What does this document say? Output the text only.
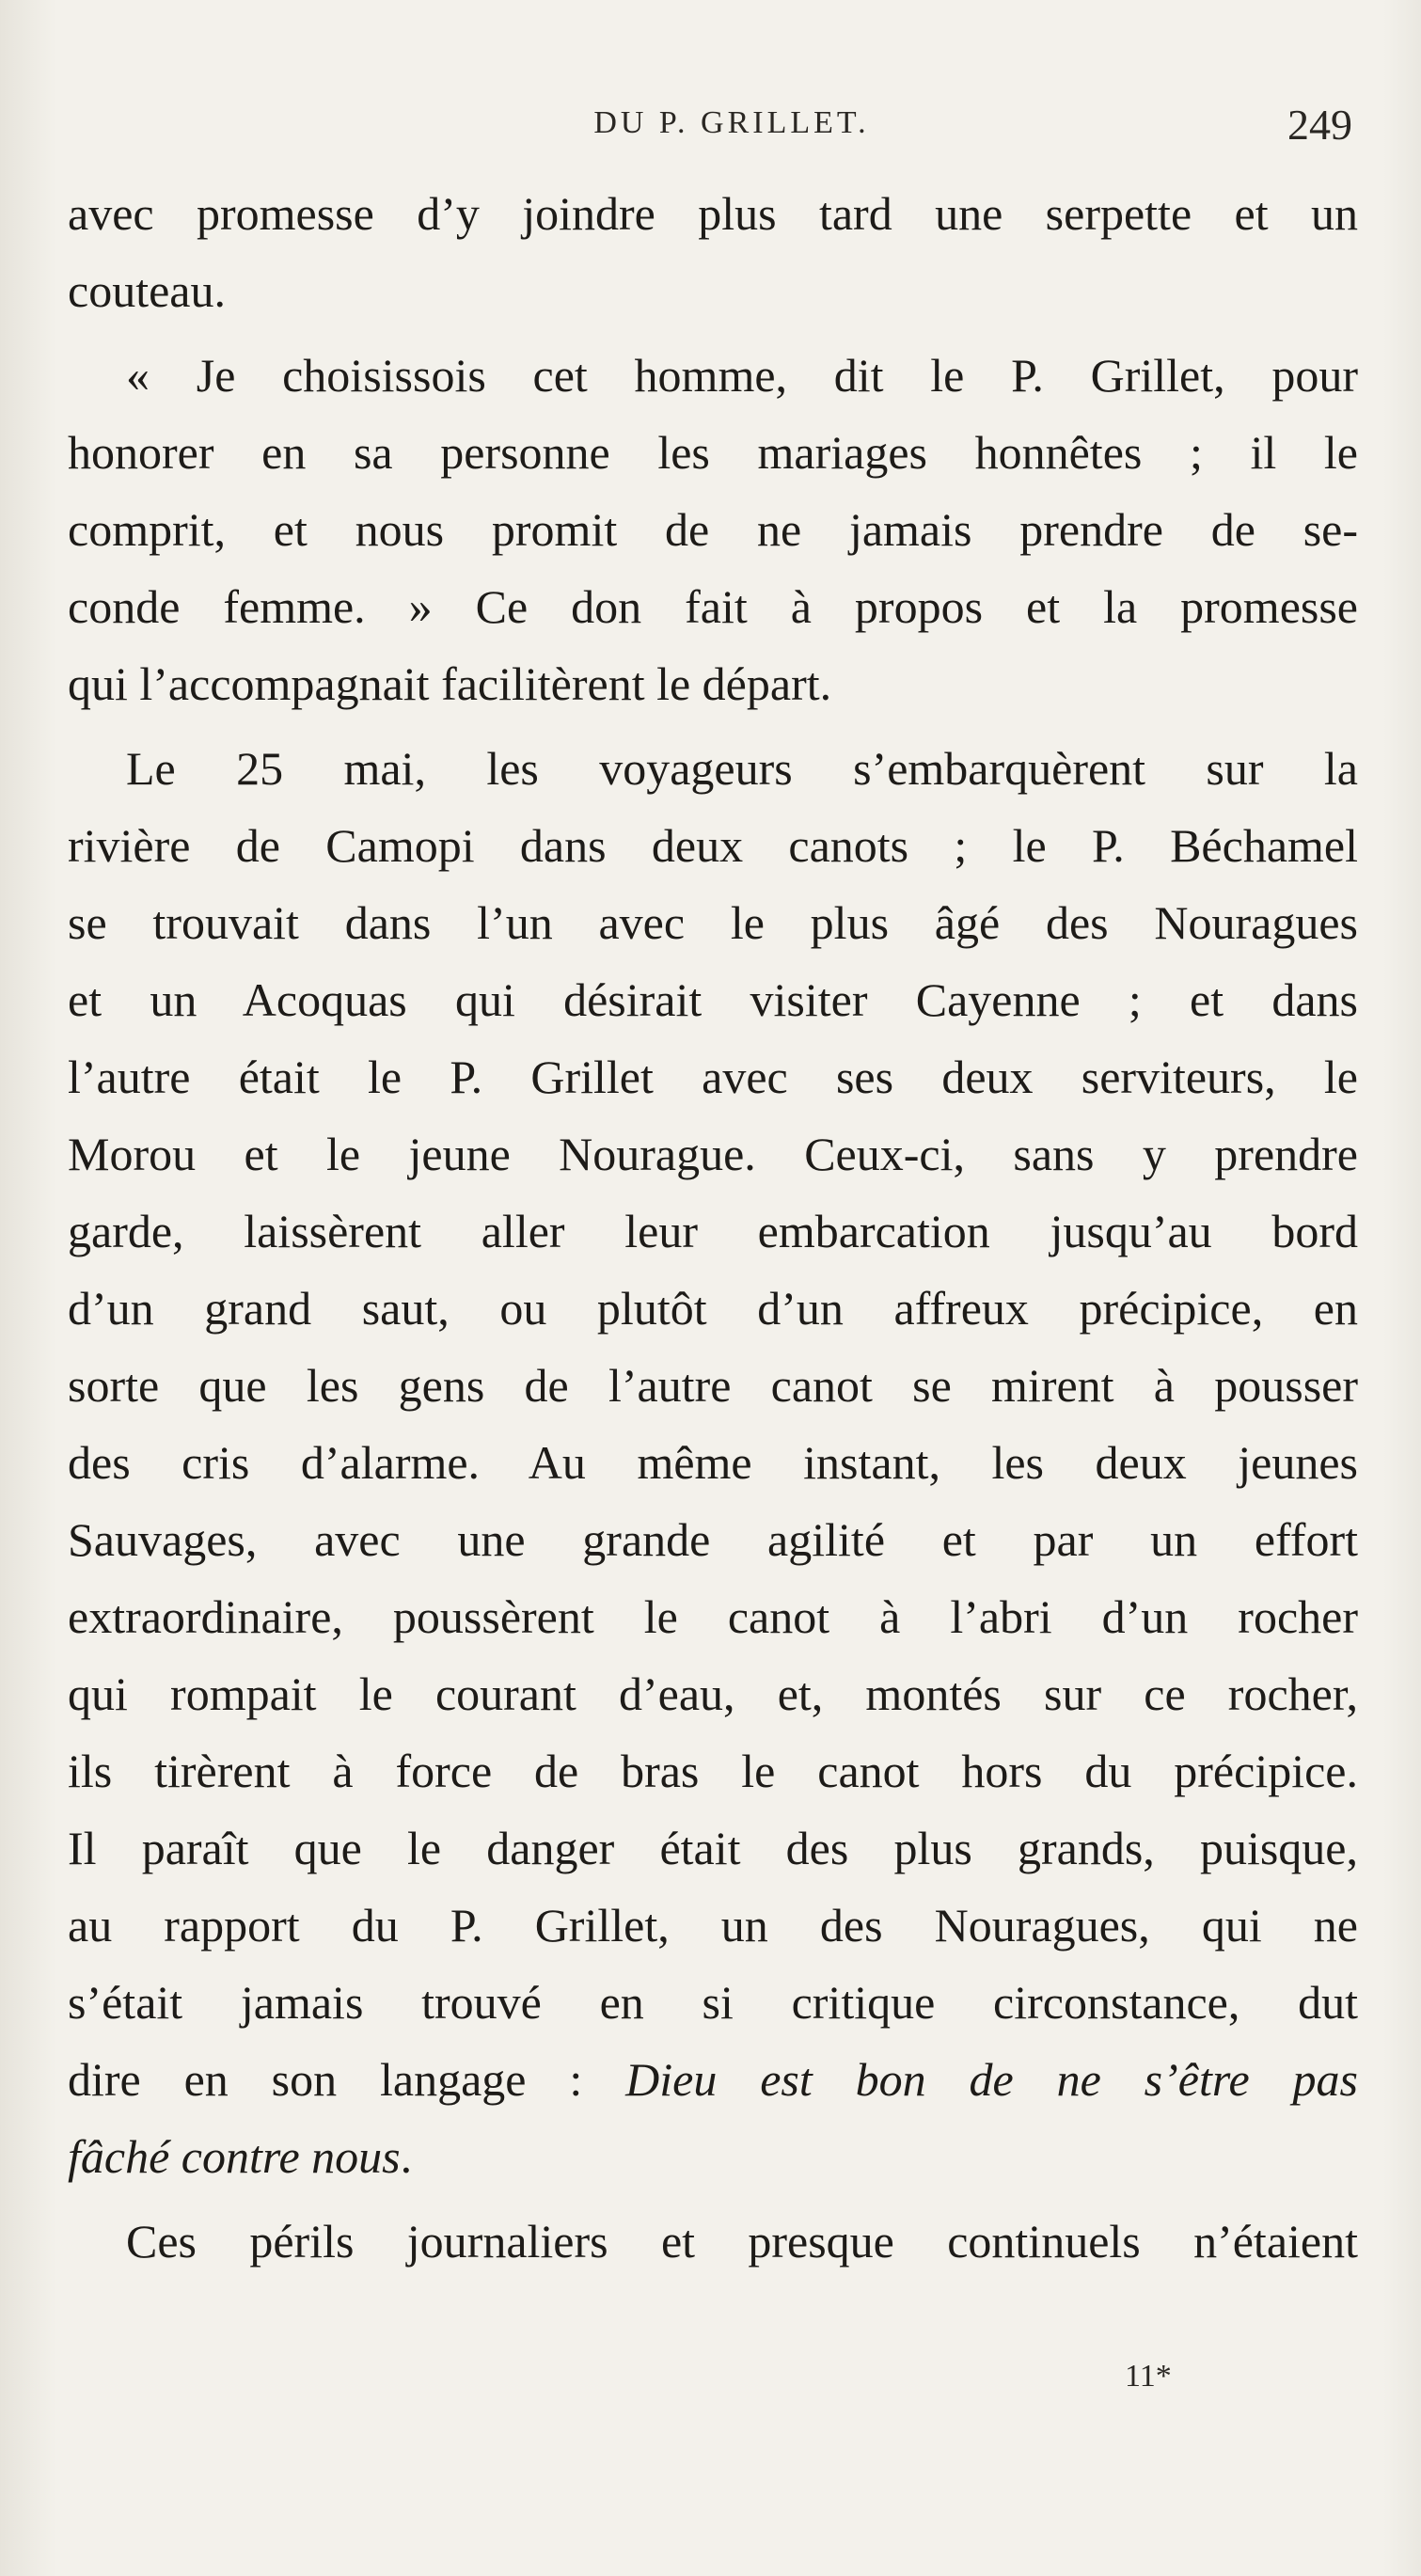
DU P. GRILLET.	249
avec promesse d’y joindre plus tard une serpette et un
couteau.
« Je choisissois cet homme, dit le P. Grillet, pour
honorer en sa personne les mariages honnêtes ; il le
comprit, et nous promit de ne jamais prendre de se-
conde femme. » Ce don fait à propos et la promesse
qui l’accompagnait facilitèrent le départ.
Le 25 mai, les voyageurs s’embarquèrent sur la
rivière de Camopi dans deux canots ; le P. Béchamel
se trouvait dans l’un avec le plus âgé des Nouragues
et un Acoquas qui désirait visiter Cayenne ; et dans
l’autre était le P. Grillet avec ses deux serviteurs, le
Morou et le jeune Nourague. Ceux-ci, sans y prendre
garde, laissèrent aller leur embarcation jusqu’au bord
d’un grand saut, ou plutôt d’un affreux précipice, en
sorte que les gens de l’autre canot se mirent à pousser
des cris d’alarme. Au même instant, les deux jeunes
Sauvages, avec une grande agilité et par un effort
extraordinaire, poussèrent le canot à l’abri d’un rocher
qui rompait le courant d’eau, et, montés sur ce rocher,
ils tirèrent à force de bras le canot hors du précipice.
Il paraît que le danger était des plus grands, puisque,
au rapport du P. Grillet, un des Nouragues, qui ne
s’était jamais trouvé en si critique circonstance, dut
dire en son langage : Dieu est bon de ne s’être pas
fâché contre nous.
Ces périls journaliers et presque continuels n’étaient
11*
